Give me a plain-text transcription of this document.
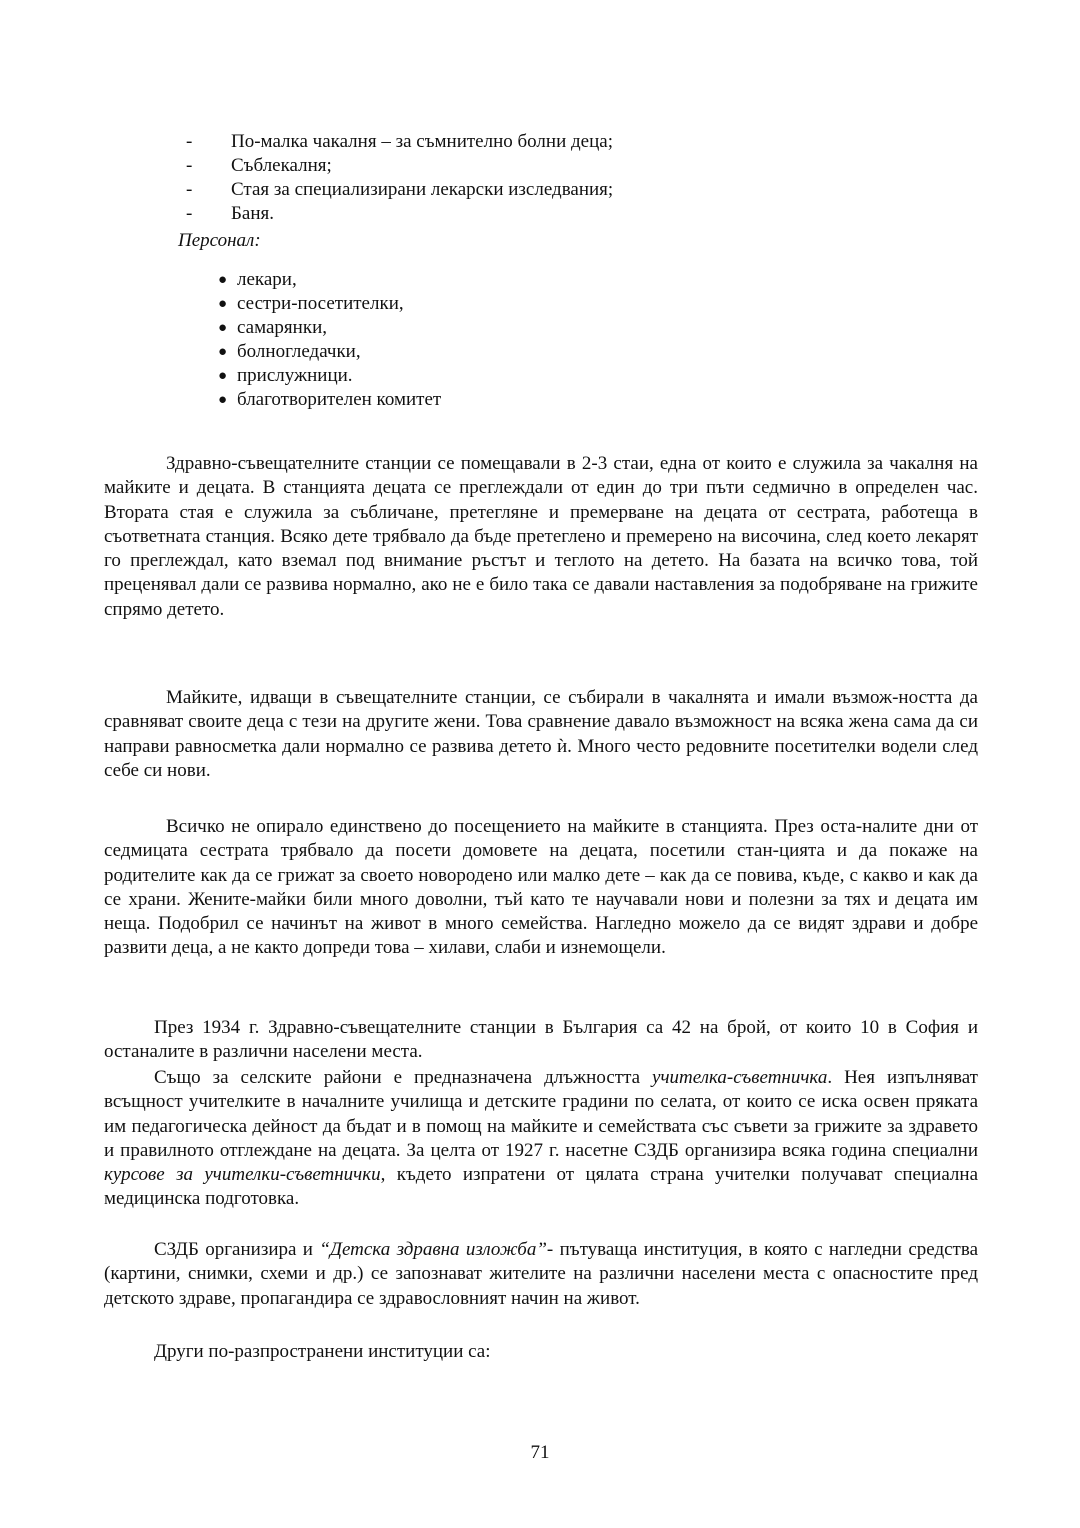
- По-малка чакалня – за съмнително болни деца;
- Съблекалня;
- Стая за специализирани лекарски изследвания;
- Баня.
Персонал:
● лекари,
● сестри-посетителки,
● самарянки,
● болногледачки,
● прислужници.
● благотворителен комитет

Здравно-съвещателните станции се помещавали в 2-3 стаи, една от които е служила за чакалня на майките и децата. В станцията децата се преглеждали от един до три пъти седмично в определен час. Втората стая е служила за събличане, претегляне и премерване на децата от сестрата, работеща в съответната станция. Всяко дете трябвало да бъде претеглено и премерено на височина, след което лекарят го преглеждал, като вземал под внимание ръстът и теглото на детето. На базата на всичко това, той преценявал дали се развива нормално, ако не е било така се давали наставления за подобряване на грижите спрямо детето.

Майките, идващи в съвещателните станции, се събирали в чакалнята и имали възмож-ността да сравняват своите деца с тези на другите жени. Това сравнение давало възможност на всяка жена сама да си направи равносметка дали нормално се развива детето ѝ. Много често редовните посетителки водели след себе си нови.

Всичко не опирало единствено до посещението на майките в станцията. През оста-налите дни от седмицата сестрата трябвало да посети домовете на децата, посетили стан-цията и да покаже на родителите как да се грижат за своето новородено или малко дете – как да се повива, къде, с какво и как да се храни. Жените-майки били много доволни, тъй като те научавали нови и полезни за тях и децата им неща. Подобрил се начинът на живот в много семейства. Нагледно можело да се видят здрави и добре развити деца, а не както допреди това – хилави, слаби и изнемощели.

През 1934 г. Здравно-съвещателните станции в България са 42 на брой, от които 10 в София и останалите в различни населени места.

Също за селските райони е предназначена длъжността учителка-съветничка. Нея изпълняват всъщност учителките в началните училища и детските градини по селата, от които се иска освен пряката им педагогическа дейност да бъдат и в помощ на майките и семействата със съвети за грижите за здравето и правилното отглеждане на децата. За целта от 1927 г. насетне СЗДБ организира всяка година специални курсове за учителки-съветнички, където изпратени от цялата страна учителки получават специална медицинска подготовка.

СЗДБ организира и “Детска здравна изложба”- пътуваща институция, в която с нагледни средства (картини, снимки, схеми и др.) се запознават жителите на различни населени места с опасностите пред детското здраве, пропагандира се здравословният начин на живот.

Други по-разпространени институции са:

71
